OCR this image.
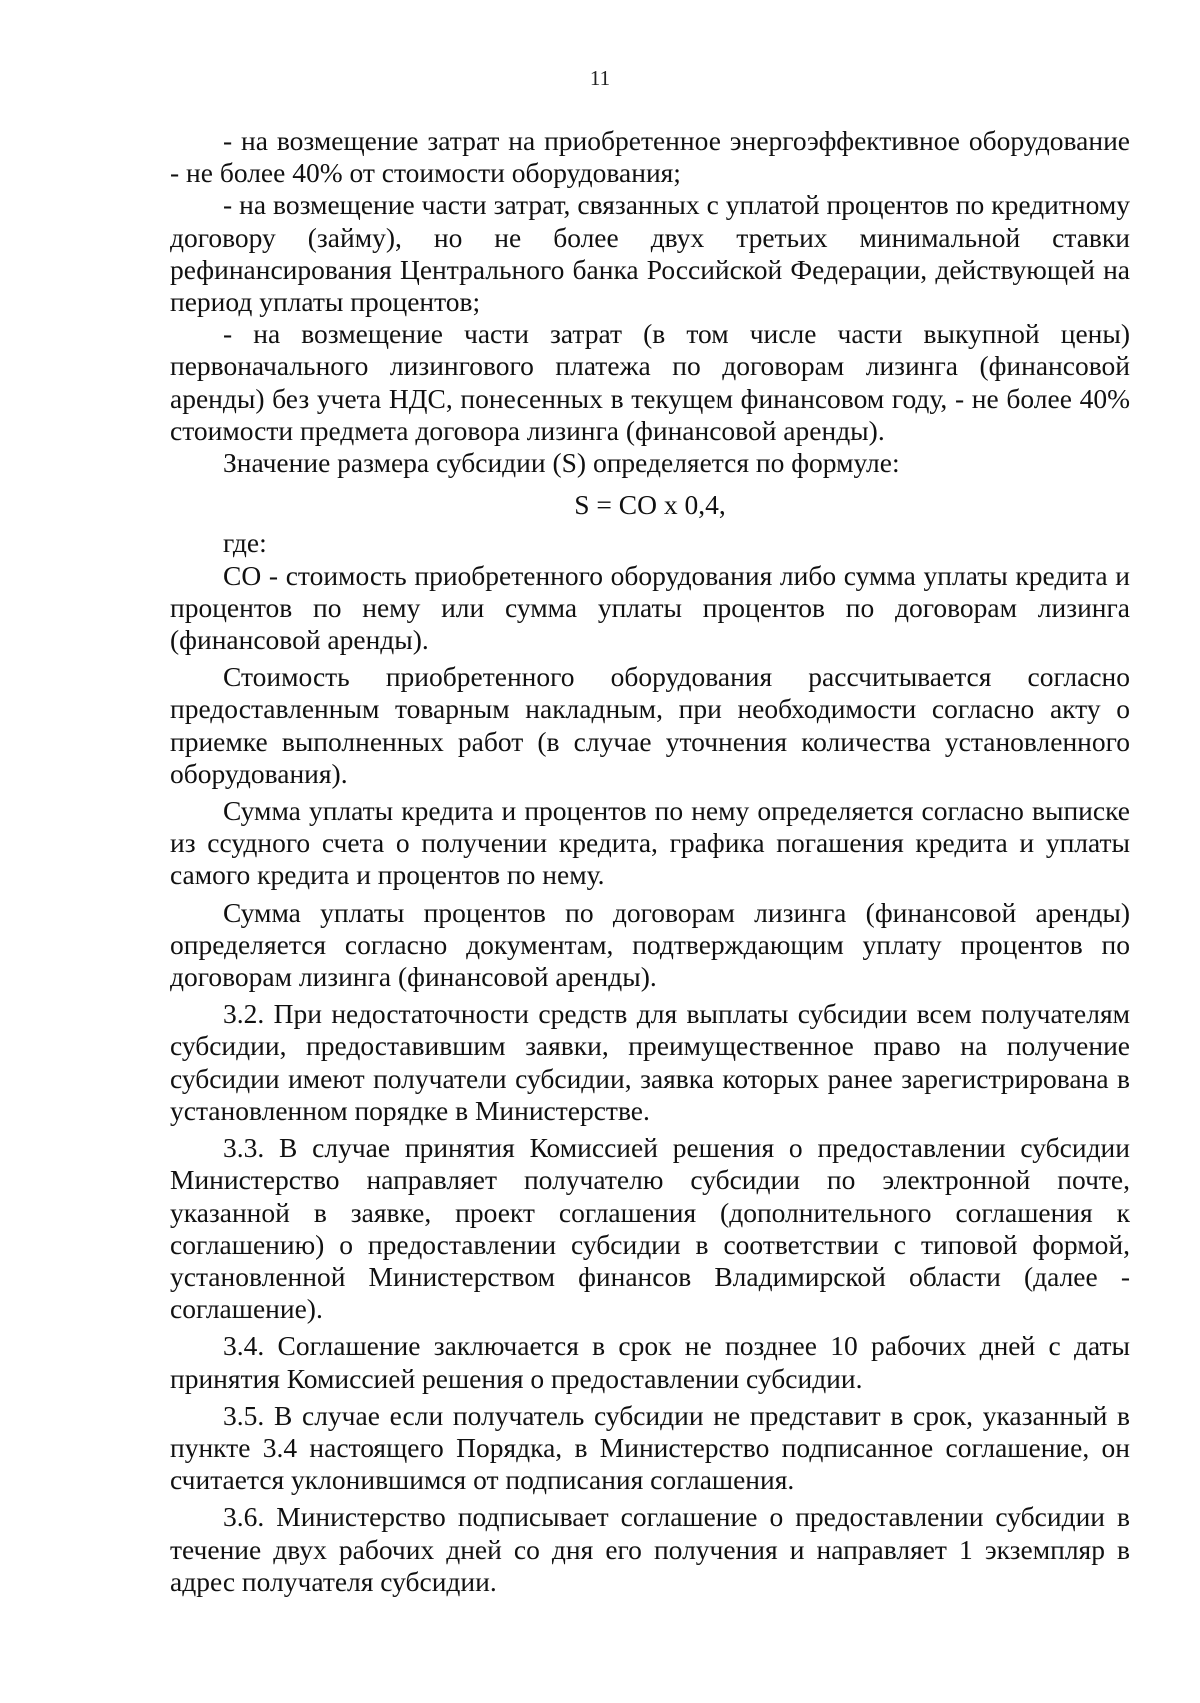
11

- на возмещение затрат на приобретенное энергоэффективное оборудование - не более 40% от стоимости оборудования;

- на возмещение части затрат, связанных с уплатой процентов по кредитному договору (займу), но не более двух третьих минимальной ставки рефинансирования Центрального банка Российской Федерации, действующей на период уплаты процентов;

- на возмещение части затрат (в том числе части выкупной цены) первоначального лизингового платежа по договорам лизинга (финансовой аренды) без учета НДС, понесенных в текущем финансовом году, - не более 40% стоимости предмета договора лизинга (финансовой аренды).

Значение размера субсидии (S) определяется по формуле:

S = CO x 0,4,

где:

СО - стоимость приобретенного оборудования либо сумма уплаты кредита и процентов по нему или сумма уплаты процентов по договорам лизинга (финансовой аренды).

Стоимость приобретенного оборудования рассчитывается согласно предоставленным товарным накладным, при необходимости согласно акту о приемке выполненных работ (в случае уточнения количества установленного оборудования).

Сумма уплаты кредита и процентов по нему определяется согласно выписке из ссудного счета о получении кредита, графика погашения кредита и уплаты самого кредита и процентов по нему.

Сумма уплаты процентов по договорам лизинга (финансовой аренды) определяется согласно документам, подтверждающим уплату процентов по договорам лизинга (финансовой аренды).

3.2. При недостаточности средств для выплаты субсидии всем получателям субсидии, предоставившим заявки, преимущественное право на получение субсидии имеют получатели субсидии, заявка которых ранее зарегистрирована в установленном порядке в Министерстве.

3.3. В случае принятия Комиссией решения о предоставлении субсидии Министерство направляет получателю субсидии по электронной почте, указанной в заявке, проект соглашения (дополнительного соглашения к соглашению) о предоставлении субсидии в соответствии с типовой формой, установленной Министерством финансов Владимирской области (далее - соглашение).

3.4. Соглашение заключается в срок не позднее 10 рабочих дней с даты принятия Комиссией решения о предоставлении субсидии.

3.5. В случае если получатель субсидии не представит в срок, указанный в пункте 3.4 настоящего Порядка, в Министерство подписанное соглашение, он считается уклонившимся от подписания соглашения.

3.6. Министерство подписывает соглашение о предоставлении субсидии в течение двух рабочих дней со дня его получения и направляет 1 экземпляр в адрес получателя субсидии.
